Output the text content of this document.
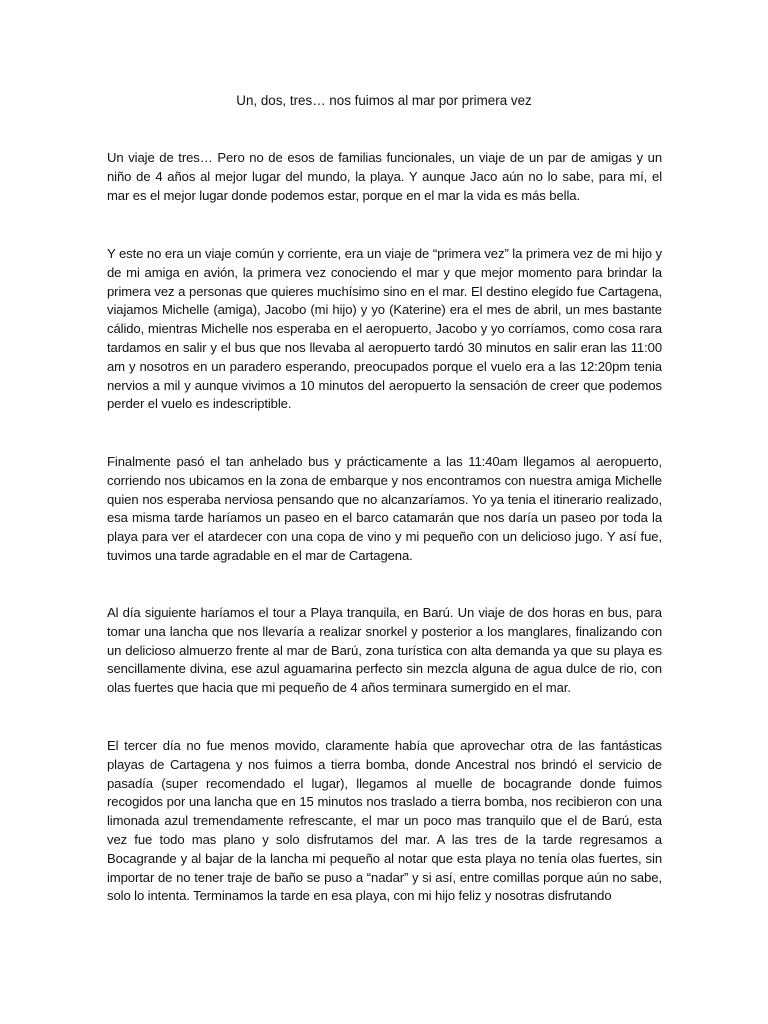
Un, dos, tres… nos fuimos al mar por primera vez

Un viaje de tres… Pero no de esos de familias funcionales, un viaje de un par de amigas y un niño de 4 años al mejor lugar del mundo, la playa. Y aunque Jaco aún no lo sabe, para mí, el mar es el mejor lugar donde podemos estar, porque en el mar la vida es más bella.

Y este no era un viaje común y corriente, era un viaje de “primera vez” la primera vez de mi hijo y de mi amiga en avión, la primera vez conociendo el mar y que mejor momento para brindar la primera vez a personas que quieres muchísimo sino en el mar. El destino elegido fue Cartagena, viajamos Michelle (amiga), Jacobo (mi hijo) y yo (Katerine) era el mes de abril, un mes bastante cálido, mientras Michelle nos esperaba en el aeropuerto, Jacobo y yo corríamos, como cosa rara tardamos en salir y el bus que nos llevaba al aeropuerto tardó 30 minutos en salir eran las 11:00 am y nosotros en un paradero esperando, preocupados porque el vuelo era a las 12:20pm tenia nervios a mil y aunque vivimos a 10 minutos del aeropuerto la sensación de creer que podemos perder el vuelo es indescriptible.

Finalmente pasó el tan anhelado bus y prácticamente a las 11:40am llegamos al aeropuerto, corriendo nos ubicamos en la zona de embarque y nos encontramos con nuestra amiga Michelle quien nos esperaba nerviosa pensando que no alcanzaríamos. Yo ya tenia el itinerario realizado, esa misma tarde haríamos un paseo en el barco catamarán que nos daría un paseo por toda la playa para ver el atardecer con una copa de vino y mi pequeño con un delicioso jugo. Y así fue, tuvimos una tarde agradable en el mar de Cartagena.

Al día siguiente haríamos el tour a Playa tranquila, en Barú. Un viaje de dos horas en bus, para tomar una lancha que nos llevaría a realizar snorkel y posterior a los manglares, finalizando con un delicioso almuerzo frente al mar de Barú, zona turística con alta demanda ya que su playa es sencillamente divina, ese azul aguamarina perfecto sin mezcla alguna de agua dulce de rio, con olas fuertes que hacia que mi pequeño de 4 años terminara sumergido en el mar.

El tercer día no fue menos movido, claramente había que aprovechar otra de las fantásticas playas de Cartagena y nos fuimos a tierra bomba, donde Ancestral nos brindó el servicio de pasadía (super recomendado el lugar), llegamos al muelle de bocagrande donde fuimos recogidos por una lancha que en 15 minutos nos traslado a tierra bomba, nos recibieron con una limonada azul tremendamente refrescante, el mar un poco mas tranquilo que el de Barú, esta vez fue todo mas plano y solo disfrutamos del mar. A las tres de la tarde regresamos a Bocagrande y al bajar de la lancha mi pequeño al notar que esta playa no tenía olas fuertes, sin importar de no tener traje de baño se puso a “nadar” y si así, entre comillas porque aún no sabe, solo lo intenta. Terminamos la tarde en esa playa, con mi hijo feliz y nosotras disfrutando
